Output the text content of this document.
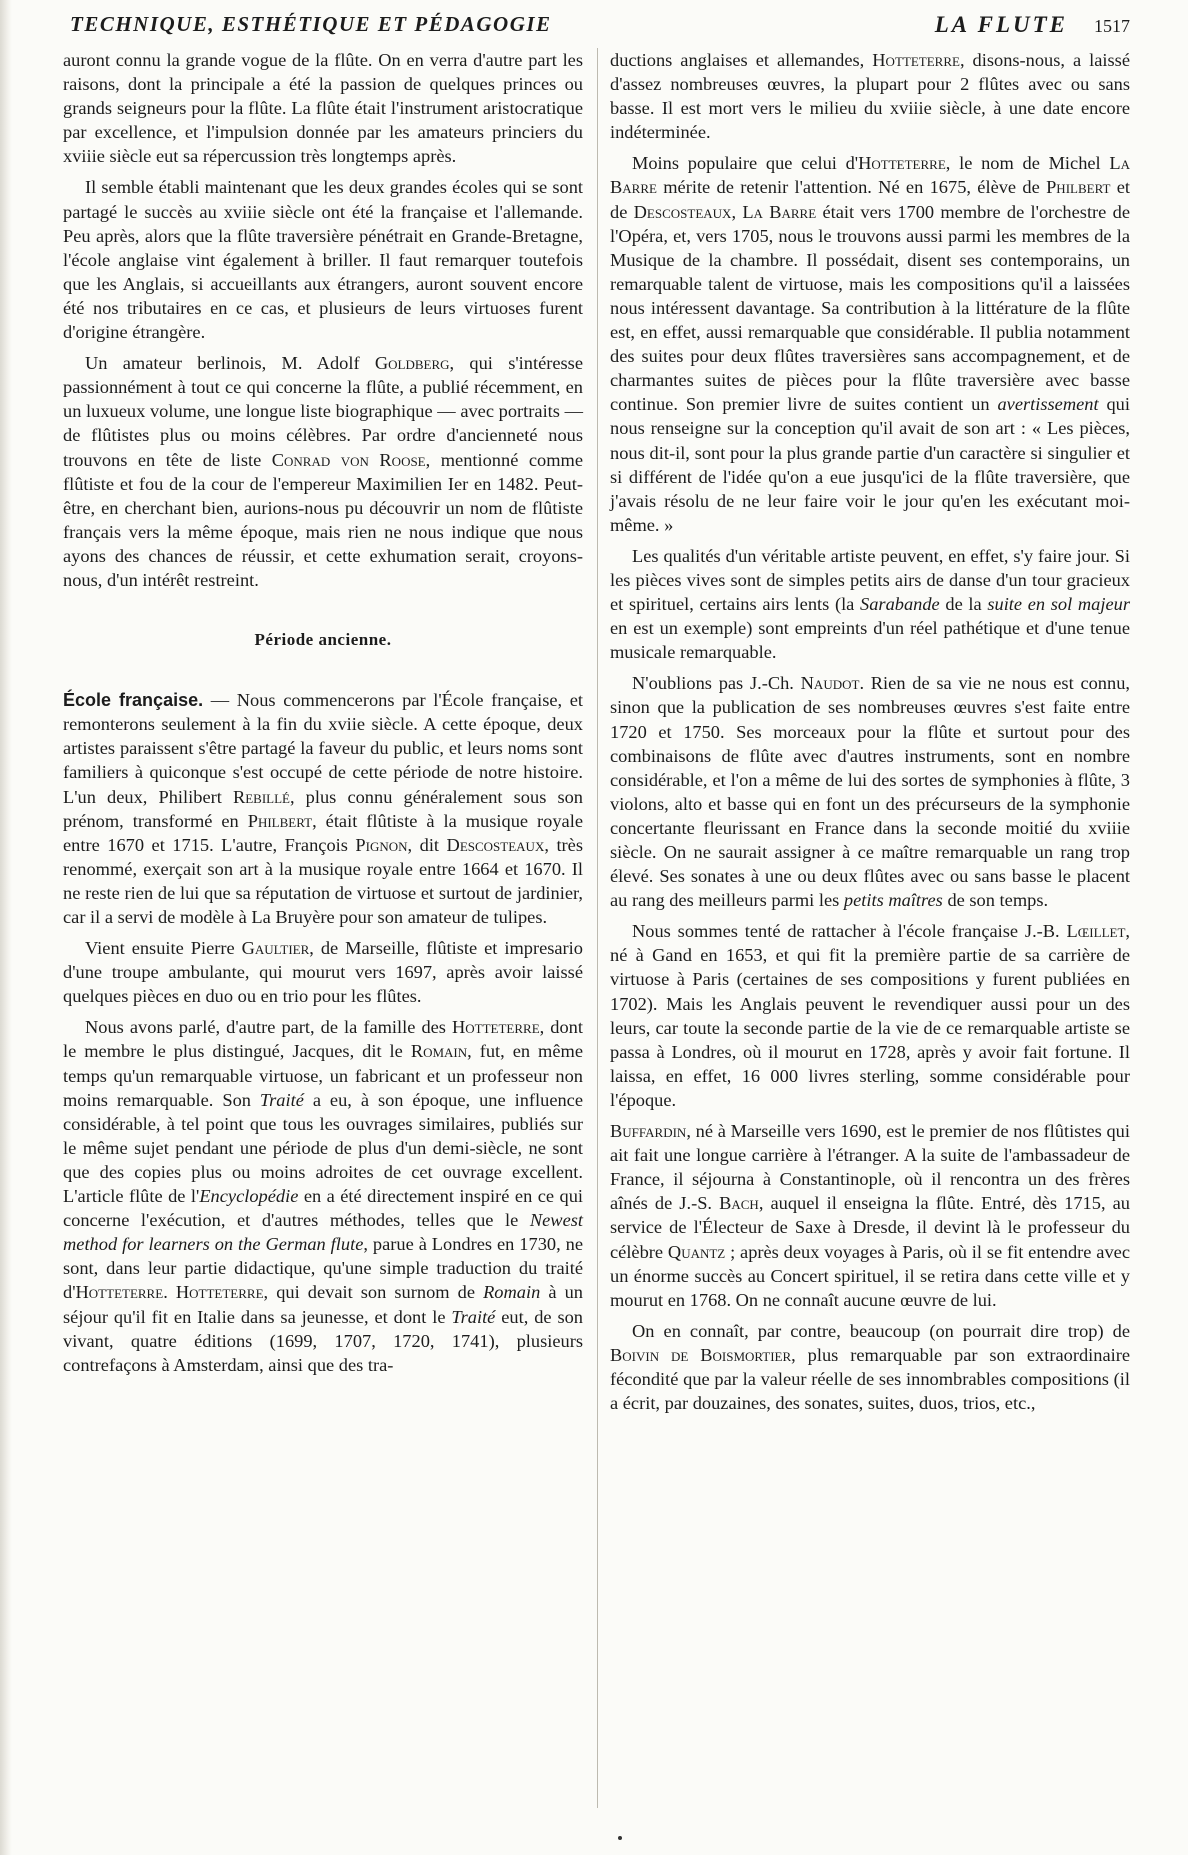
TECHNIQUE, ESTHÉTIQUE ET PÉDAGOGIE	LA FLUTE 1517

auront connu la grande vogue de la flûte. On en verra d'autre part les raisons, dont la principale a été la passion de quelques princes ou grands seigneurs pour la flûte. La flûte était l'instrument aristocratique par excellence, et l'impulsion donnée par les amateurs princiers du xviiie siècle eut sa répercussion très longtemps après.

Il semble établi maintenant que les deux grandes écoles qui se sont partagé le succès au xviiie siècle ont été la française et l'allemande. Peu après, alors que la flûte traversière pénétrait en Grande-Bretagne, l'école anglaise vint également à briller. Il faut remarquer toutefois que les Anglais, si accueillants aux étrangers, auront souvent encore été nos tributaires en ce cas, et plusieurs de leurs virtuoses furent d'origine étrangère.

Un amateur berlinois, M. Adolf Goldberg, qui s'intéresse passionnément à tout ce qui concerne la flûte, a publié récemment, en un luxueux volume, une longue liste biographique — avec portraits — de flûtistes plus ou moins célèbres. Par ordre d'ancienneté nous trouvons en tête de liste Conrad von Roose, mentionné comme flûtiste et fou de la cour de l'empereur Maximilien Ier en 1482. Peut-être, en cherchant bien, aurions-nous pu découvrir un nom de flûtiste français vers la même époque, mais rien ne nous indique que nous ayons des chances de réussir, et cette exhumation serait, croyons-nous, d'un intérêt restreint.

Période ancienne.

École française. — Nous commencerons par l'École française, et remonterons seulement à la fin du xviie siècle. A cette époque, deux artistes paraissent s'être partagé la faveur du public, et leurs noms sont familiers à quiconque s'est occupé de cette période de notre histoire. L'un deux, Philibert Rebillé, plus connu généralement sous son prénom, transformé en Philbert, était flûtiste à la musique royale entre 1670 et 1715. L'autre, François Pignon, dit Descosteaux, très renommé, exerçait son art à la musique royale entre 1664 et 1670. Il ne reste rien de lui que sa réputation de virtuose et surtout de jardinier, car il a servi de modèle à La Bruyère pour son amateur de tulipes.

Vient ensuite Pierre Gaultier, de Marseille, flûtiste et impresario d'une troupe ambulante, qui mourut vers 1697, après avoir laissé quelques pièces en duo ou en trio pour les flûtes.

Nous avons parlé, d'autre part, de la famille des Hotteterre, dont le membre le plus distingué, Jacques, dit le Romain, fut, en même temps qu'un remarquable virtuose, un fabricant et un professeur non moins remarquable. Son Traité a eu, à son époque, une influence considérable, à tel point que tous les ouvrages similaires, publiés sur le même sujet pendant une période de plus d'un demi-siècle, ne sont que des copies plus ou moins adroites de cet ouvrage excellent. L'article flûte de l'Encyclopédie en a été directement inspiré en ce qui concerne l'exécution, et d'autres méthodes, telles que le Newest method for learners on the German flute, parue à Londres en 1730, ne sont, dans leur partie didactique, qu'une simple traduction du traité d'Hotteterre. Hotteterre, qui devait son surnom de Romain à un séjour qu'il fit en Italie dans sa jeunesse, et dont le Traité eut, de son vivant, quatre éditions (1699, 1707, 1720, 1741), plusieurs contrefaçons à Amsterdam, ainsi que des tra-

ductions anglaises et allemandes, Hotteterre, disons-nous, a laissé d'assez nombreuses œuvres, la plupart pour 2 flûtes avec ou sans basse. Il est mort vers le milieu du xviiie siècle, à une date encore indéterminée.

Moins populaire que celui d'Hotteterre, le nom de Michel La Barre mérite de retenir l'attention. Né en 1675, élève de Philbert et de Descosteaux, La Barre était vers 1700 membre de l'orchestre de l'Opéra, et, vers 1705, nous le trouvons aussi parmi les membres de la Musique de la chambre. Il possédait, disent ses contemporains, un remarquable talent de virtuose, mais les compositions qu'il a laissées nous intéressent davantage. Sa contribution à la littérature de la flûte est, en effet, aussi remarquable que considérable. Il publia notamment des suites pour deux flûtes traversières sans accompagnement, et de charmantes suites de pièces pour la flûte traversière avec basse continue. Son premier livre de suites contient un avertissement qui nous renseigne sur la conception qu'il avait de son art : « Les pièces, nous dit-il, sont pour la plus grande partie d'un caractère si singulier et si différent de l'idée qu'on a eue jusqu'ici de la flûte traversière, que j'avais résolu de ne leur faire voir le jour qu'en les exécutant moi-même. »

Les qualités d'un véritable artiste peuvent, en effet, s'y faire jour. Si les pièces vives sont de simples petits airs de danse d'un tour gracieux et spirituel, certains airs lents (la Sarabande de la suite en sol majeur en est un exemple) sont empreints d'un réel pathétique et d'une tenue musicale remarquable.

N'oublions pas J.-Ch. Naudot. Rien de sa vie ne nous est connu, sinon que la publication de ses nombreuses œuvres s'est faite entre 1720 et 1750. Ses morceaux pour la flûte et surtout pour des combinaisons de flûte avec d'autres instruments, sont en nombre considérable, et l'on a même de lui des sortes de symphonies à flûte, 3 violons, alto et basse qui en font un des précurseurs de la symphonie concertante fleurissant en France dans la seconde moitié du xviiie siècle. On ne saurait assigner à ce maître remarquable un rang trop élevé. Ses sonates à une ou deux flûtes avec ou sans basse le placent au rang des meilleurs parmi les petits maîtres de son temps.

Nous sommes tenté de rattacher à l'école française J.-B. Lœillet, né à Gand en 1653, et qui fit la première partie de sa carrière de virtuose à Paris (certaines de ses compositions y furent publiées en 1702). Mais les Anglais peuvent le revendiquer aussi pour un des leurs, car toute la seconde partie de la vie de ce remarquable artiste se passa à Londres, où il mourut en 1728, après y avoir fait fortune. Il laissa, en effet, 16 000 livres sterling, somme considérable pour l'époque.

Buffardin, né à Marseille vers 1690, est le premier de nos flûtistes qui ait fait une longue carrière à l'étranger. A la suite de l'ambassadeur de France, il séjourna à Constantinople, où il rencontra un des frères aînés de J.-S. Bach, auquel il enseigna la flûte. Entré, dès 1715, au service de l'Électeur de Saxe à Dresde, il devint là le professeur du célèbre Quantz ; après deux voyages à Paris, où il se fit entendre avec un énorme succès au Concert spirituel, il se retira dans cette ville et y mourut en 1768. On ne connaît aucune œuvre de lui.

On en connaît, par contre, beaucoup (on pourrait dire trop) de Boivin de Boismortier, plus remarquable par son extraordinaire fécondité que par la valeur réelle de ses innombrables compositions (il a écrit, par douzaines, des sonates, suites, duos, trios, etc.,
